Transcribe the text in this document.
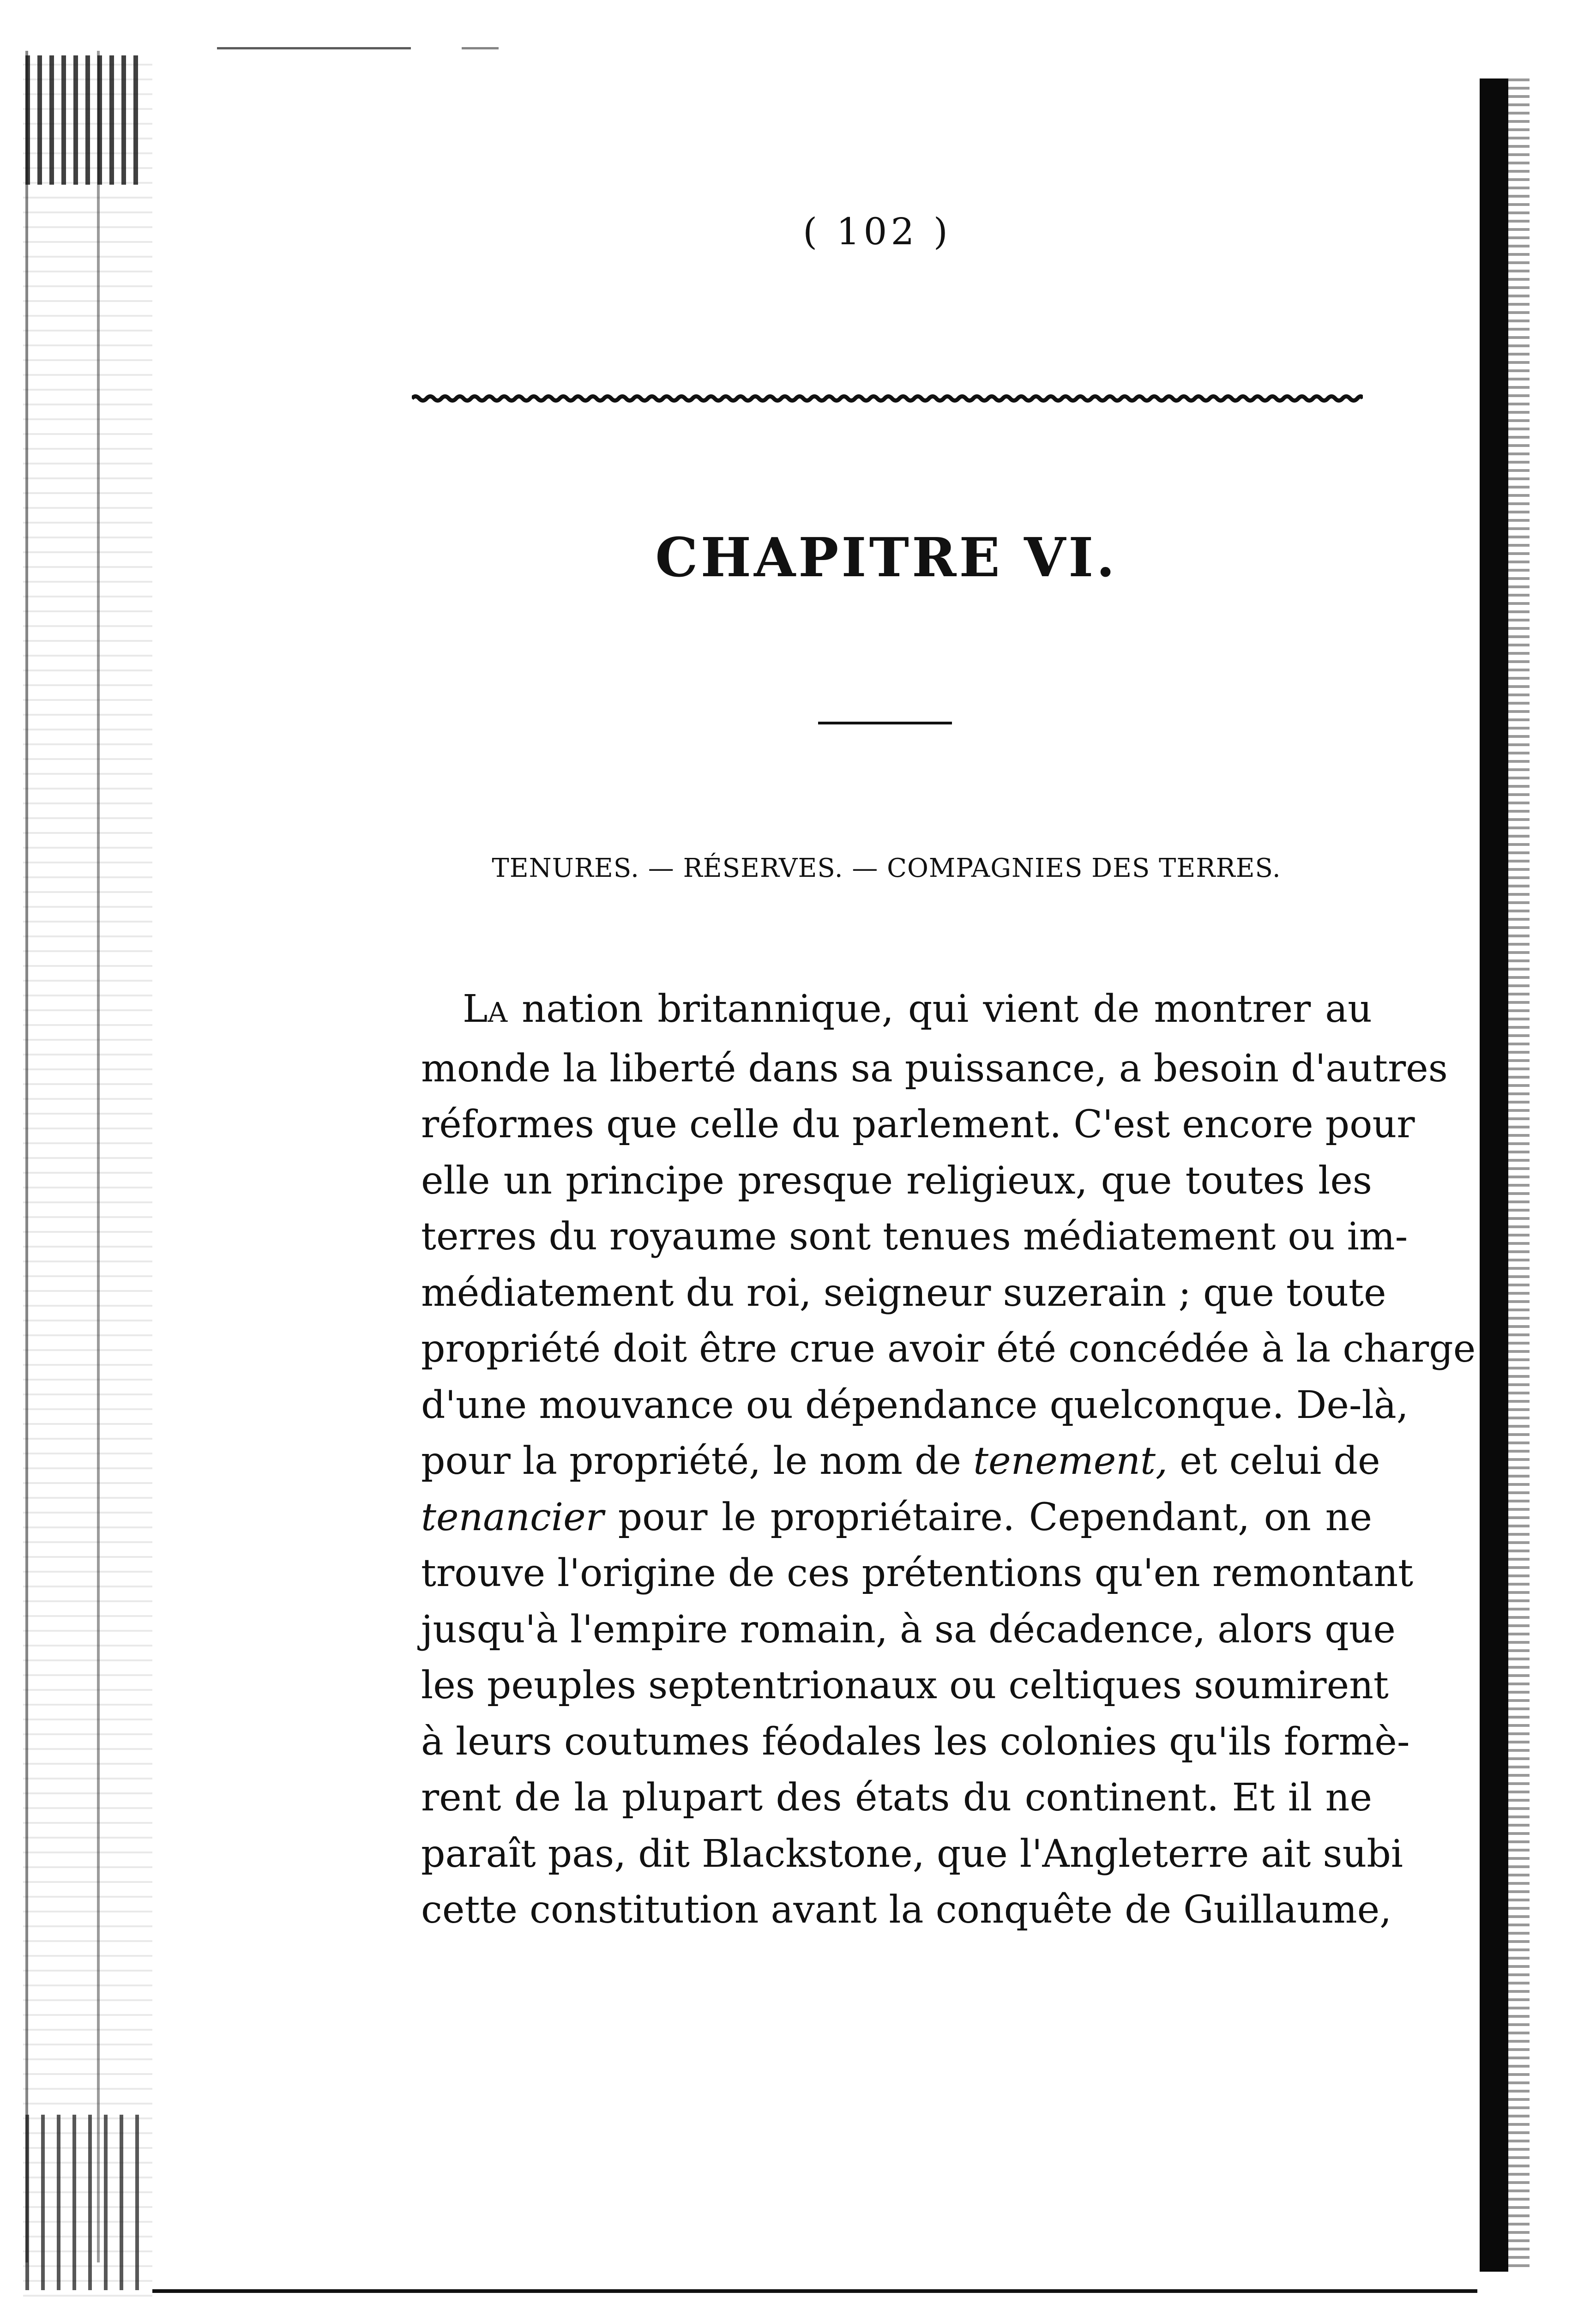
( 102 )
CHAPITRE VI.
TENURES. — RÉSERVES. — COMPAGNIES DES TERRES.
LA nation britannique, qui vient de montrer au
monde la liberté dans sa puissance, a besoin d'autres
réformes que celle du parlement. C'est encore pour
elle un principe presque religieux, que toutes les
terres du royaume sont tenues médiatement ou im-
médiatement du roi, seigneur suzerain ; que toute
propriété doit être crue avoir été concédée à la charge
d'une mouvance ou dépendance quelconque. De-là,
pour la propriété, le nom de tenement, et celui de
tenancier pour le propriétaire. Cependant, on ne
trouve l'origine de ces prétentions qu'en remontant
jusqu'à l'empire romain, à sa décadence, alors que
les peuples septentrionaux ou celtiques soumirent
à leurs coutumes féodales les colonies qu'ils formè-
rent de la plupart des états du continent. Et il ne
paraît pas, dit Blackstone, que l'Angleterre ait subi
cette constitution avant la conquête de Guillaume,
